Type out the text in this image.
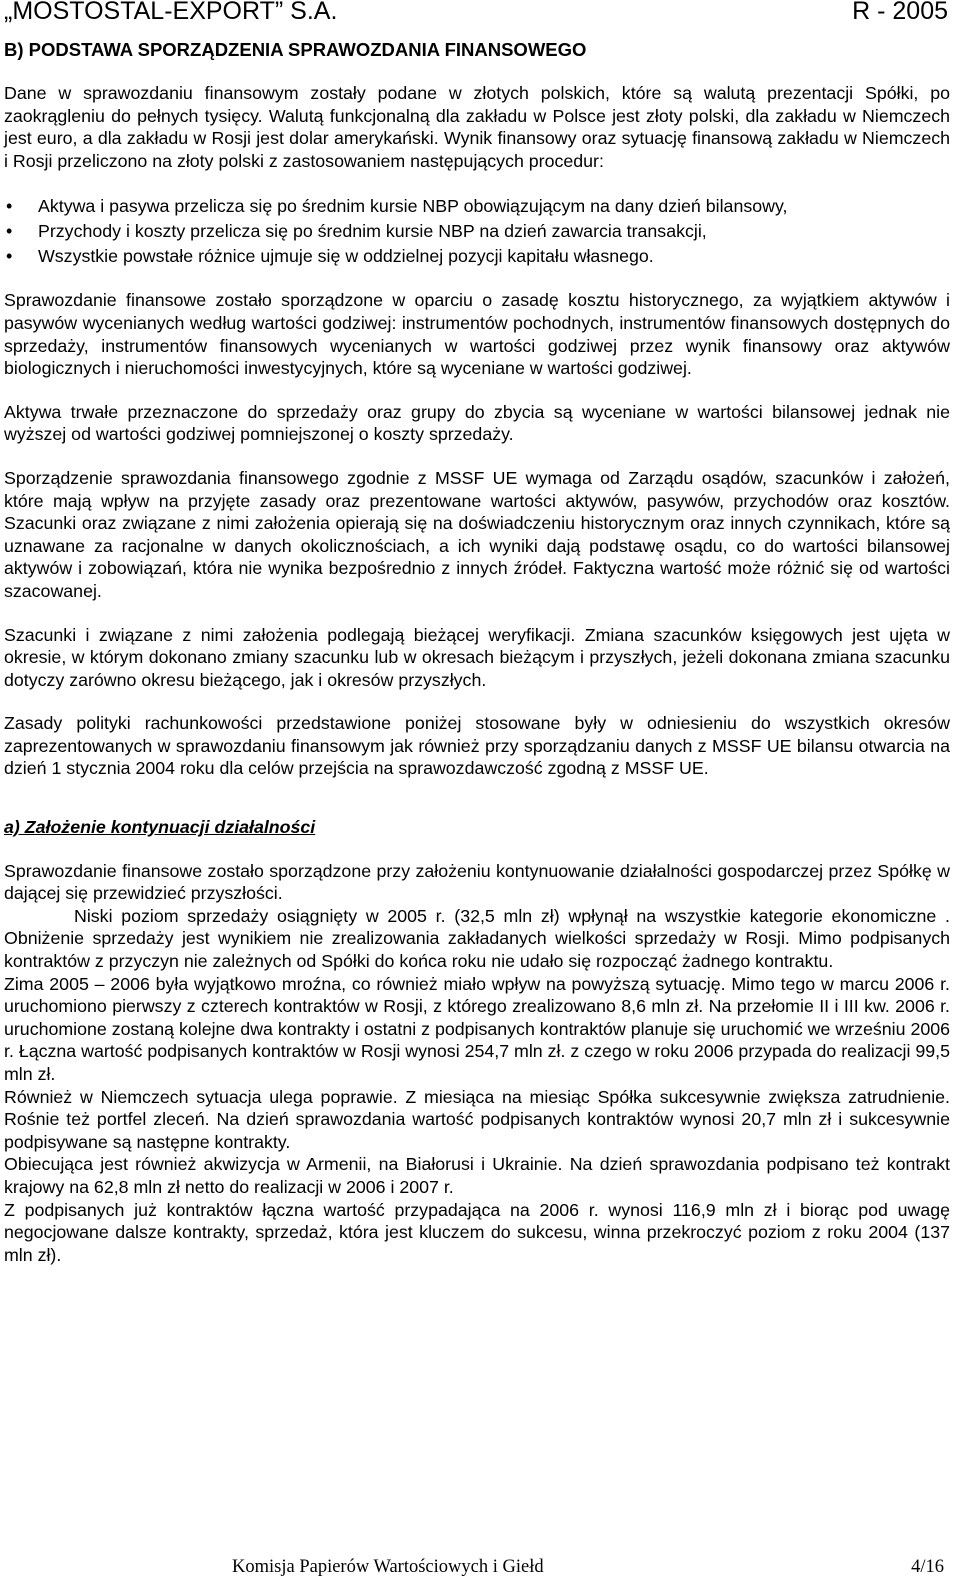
„MOSTOSTAL-EXPORT” S.A.	R - 2005
B) PODSTAWA SPORZĄDZENIA SPRAWOZDANIA FINANSOWEGO

Dane w sprawozdaniu finansowym zostały podane w złotych polskich, które są walutą prezentacji Spółki, po zaokrągleniu do pełnych tysięcy. Walutą funkcjonalną dla zakładu w Polsce jest złoty polski, dla zakładu w Niemczech jest euro, a dla zakładu w Rosji jest dolar amerykański. Wynik finansowy oraz sytuację finansową zakładu w Niemczech i Rosji przeliczono na złoty polski z zastosowaniem następujących procedur:

• Aktywa i pasywa przelicza się po średnim kursie NBP obowiązującym na dany dzień bilansowy,
• Przychody i koszty przelicza się po średnim kursie NBP na dzień zawarcia transakcji,
• Wszystkie powstałe różnice ujmuje się w oddzielnej pozycji kapitału własnego.

Sprawozdanie finansowe zostało sporządzone w oparciu o zasadę kosztu historycznego, za wyjątkiem aktywów i pasywów wycenianych według wartości godziwej: instrumentów pochodnych, instrumentów finansowych dostępnych do sprzedaży, instrumentów finansowych wycenianych w wartości godziwej przez wynik finansowy oraz aktywów biologicznych i nieruchomości inwestycyjnych, które są wyceniane w wartości godziwej.

Aktywa trwałe przeznaczone do sprzedaży oraz grupy do zbycia są wyceniane w wartości bilansowej jednak nie wyższej od wartości godziwej pomniejszonej o koszty sprzedaży.

Sporządzenie sprawozdania finansowego zgodnie z MSSF UE wymaga od Zarządu osądów, szacunków i założeń, które mają wpływ na przyjęte zasady oraz prezentowane wartości aktywów, pasywów, przychodów oraz kosztów. Szacunki oraz związane z nimi założenia opierają się na doświadczeniu historycznym oraz innych czynnikach, które są uznawane za racjonalne w danych okolicznościach, a ich wyniki dają podstawę osądu, co do wartości bilansowej aktywów i zobowiązań, która nie wynika bezpośrednio z innych źródeł. Faktyczna wartość może różnić się od wartości szacowanej.

Szacunki i związane z nimi założenia podlegają bieżącej weryfikacji. Zmiana szacunków księgowych jest ujęta w okresie, w którym dokonano zmiany szacunku lub w okresach bieżącym i przyszłych, jeżeli dokonana zmiana szacunku dotyczy zarówno okresu bieżącego, jak i okresów przyszłych.

Zasady polityki rachunkowości przedstawione poniżej stosowane były w odniesieniu do wszystkich okresów zaprezentowanych w sprawozdaniu finansowym jak również przy sporządzaniu danych z MSSF UE bilansu otwarcia na dzień 1 stycznia 2004 roku dla celów przejścia na sprawozdawczość zgodną z MSSF UE.

a) Założenie kontynuacji działalności

Sprawozdanie finansowe zostało sporządzone przy założeniu kontynuowanie działalności gospodarczej przez Spółkę w dającej się przewidzieć przyszłości.

Niski poziom sprzedaży osiągnięty w 2005 r. (32,5 mln zł) wpłynął na wszystkie kategorie ekonomiczne . Obniżenie sprzedaży jest wynikiem nie zrealizowania zakładanych wielkości sprzedaży w Rosji. Mimo podpisanych kontraktów z przyczyn nie zależnych od Spółki do końca roku nie udało się rozpocząć żadnego kontraktu.

Zima 2005 – 2006 była wyjątkowo mroźna, co również miało wpływ na powyższą sytuację. Mimo tego w marcu 2006 r. uruchomiono pierwszy z czterech kontraktów w Rosji, z którego zrealizowano 8,6 mln zł. Na przełomie II i III kw. 2006 r. uruchomione zostaną kolejne dwa kontrakty i ostatni z podpisanych kontraktów planuje się uruchomić we wrześniu 2006 r. Łączna wartość podpisanych kontraktów w Rosji wynosi 254,7 mln zł. z czego w roku 2006 przypada do realizacji 99,5 mln zł.

Również w Niemczech sytuacja ulega poprawie. Z miesiąca na miesiąc Spółka sukcesywnie zwiększa zatrudnienie. Rośnie też portfel zleceń. Na dzień sprawozdania wartość podpisanych kontraktów wynosi 20,7 mln zł i sukcesywnie podpisywane są następne kontrakty.

Obiecująca jest również akwizycja w Armenii, na Białorusi i Ukrainie. Na dzień sprawozdania podpisano też kontrakt krajowy na 62,8 mln zł netto do realizacji w 2006 i 2007 r.

Z podpisanych już kontraktów łączna wartość przypadająca na 2006 r. wynosi 116,9 mln zł i biorąc pod uwagę negocjowane dalsze kontrakty, sprzedaż, która jest kluczem do sukcesu, winna przekroczyć poziom z roku 2004 (137 mln zł).

Komisja Papierów Wartościowych i Giełd	4/16
